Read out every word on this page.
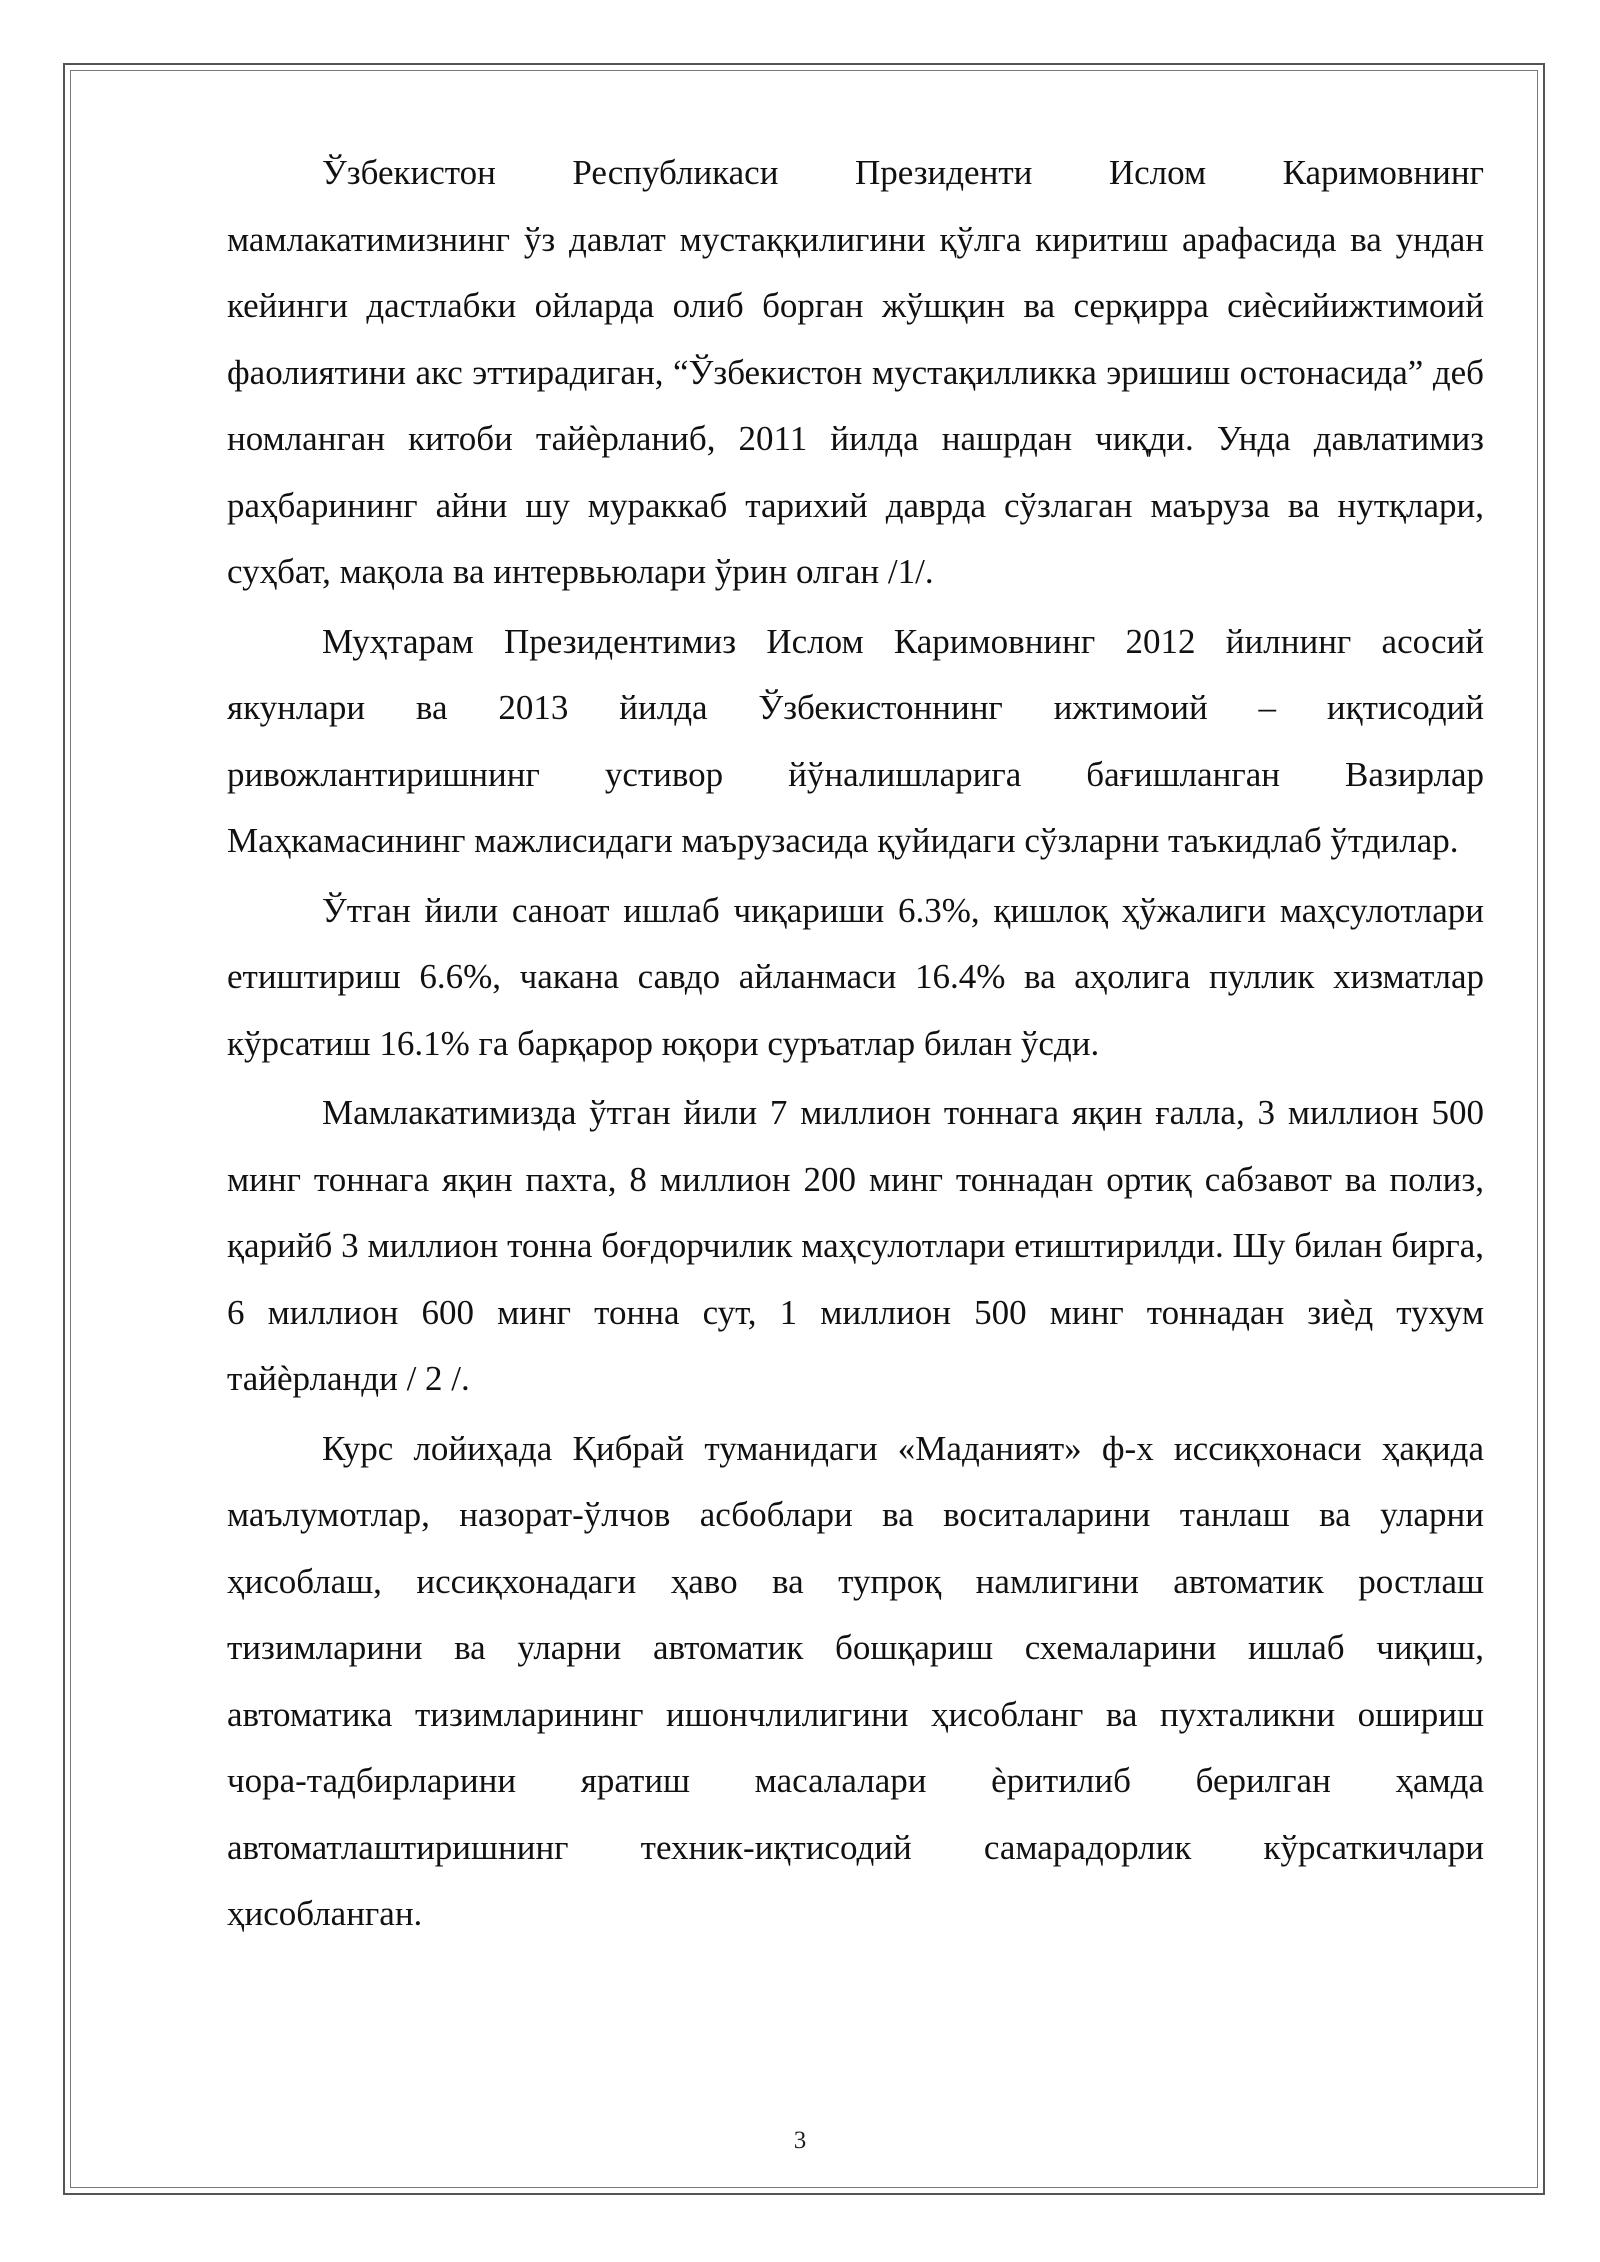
Ўзбекистон Республикаси Президенти Ислом Каримовнинг мамлакатимизнинг ўз давлат мустаққилигини қўлга киритиш арафасида ва ундан кейинги дастлабки ойларда олиб борган жўшқин ва серқирра сиѐсийижтимоий фаолиятини акс эттирадиган, “Ўзбекистон мустақилликка эришиш остонасида” деб номланган китоби тайѐрланиб, 2011 йилда нашрдан чиқди. Унда давлатимиз раҳбарининг айни шу мураккаб тарихий даврда сўзлаган маъруза ва нутқлари, суҳбат, мақола ва интервьюлари ўрин олган /1/.

Муҳтарам Президентимиз Ислом Каримовнинг 2012 йилнинг асосий якунлари ва 2013 йилда Ўзбекистоннинг ижтимоий – иқтисодий ривожлантиришнинг устивор йўналишларига бағишланган Вазирлар Маҳкамасининг мажлисидаги маърузасида қуйидаги сўзларни таъкидлаб ўтдилар.

Ўтган йили саноат ишлаб чиқариши 6.3%, қишлоқ ҳўжалиги маҳсулотлари етиштириш 6.6%, чакана савдо айланмаси 16.4% ва аҳолига пуллик хизматлар кўрсатиш 16.1% га барқарор юқори суръатлар билан ўсди.

Мамлакатимизда ўтган йили 7 миллион тоннага яқин ғалла, 3 миллион 500 минг тоннага яқин пахта, 8 миллион 200 минг тоннадан ортиқ сабзавот ва полиз, қарийб 3 миллион тонна боғдорчилик маҳсулотлари етиштирилди. Шу билан бирга, 6 миллион 600 минг тонна сут, 1 миллион 500 минг тоннадан зиѐд тухум тайѐрланди / 2 /.

Курс лойиҳада Қибрай туманидаги «Маданият» ф-х иссиқхонаси ҳақида маълумотлар, назорат-ўлчов асбоблари ва воситаларини танлаш ва уларни ҳисоблаш, иссиқхонадаги ҳаво ва тупроқ намлигини автоматик ростлаш тизимларини ва уларни автоматик бошқариш схемаларини ишлаб чиқиш, автоматика тизимларининг ишончлилигини ҳисобланг ва пухталикни ошириш чора-тадбирларини яратиш масалалари ѐритилиб берилган ҳамда автоматлаштиришнинг техник-иқтисодий самарадорлик кўрсаткичлари ҳисобланган.

3
